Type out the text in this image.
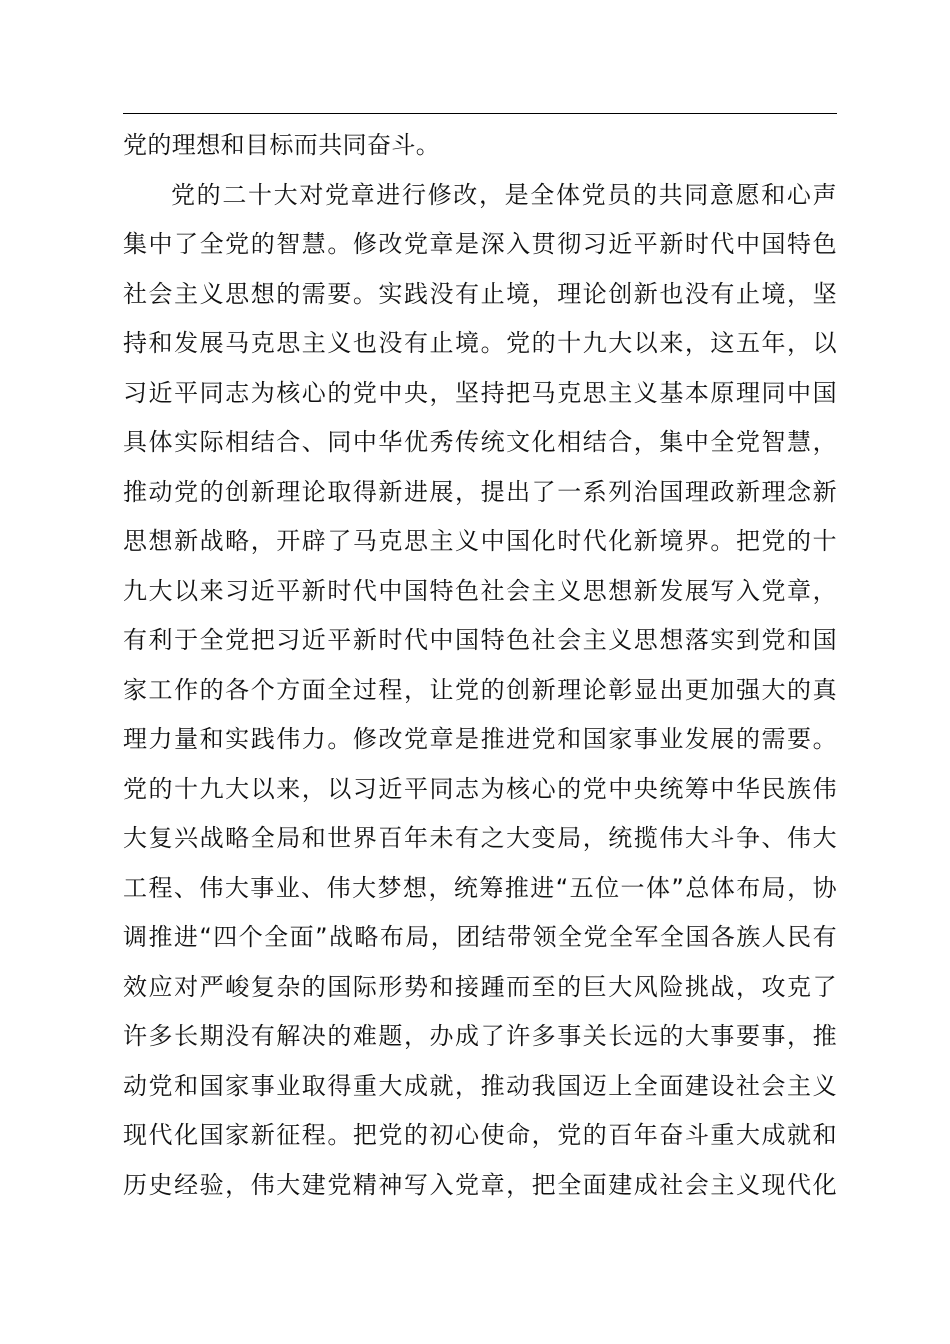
党的理想和目标而共同奋斗。
党的二十大对党章进行修改，是全体党员的共同意愿和心声
集中了全党的智慧。修改党章是深入贯彻习近平新时代中国特色
社会主义思想的需要。实践没有止境，理论创新也没有止境，坚
持和发展马克思主义也没有止境。党的十九大以来，这五年，以
习近平同志为核心的党中央，坚持把马克思主义基本原理同中国
具体实际相结合、同中华优秀传统文化相结合，集中全党智慧，
推动党的创新理论取得新进展，提出了一系列治国理政新理念新
思想新战略，开辟了马克思主义中国化时代化新境界。把党的十
九大以来习近平新时代中国特色社会主义思想新发展写入党章，
有利于全党把习近平新时代中国特色社会主义思想落实到党和国
家工作的各个方面全过程，让党的创新理论彰显出更加强大的真
理力量和实践伟力。修改党章是推进党和国家事业发展的需要。
党的十九大以来，以习近平同志为核心的党中央统筹中华民族伟
大复兴战略全局和世界百年未有之大变局，统揽伟大斗争、伟大
工程、伟大事业、伟大梦想，统筹推进“五位一体”总体布局，协
调推进“四个全面”战略布局，团结带领全党全军全国各族人民有
效应对严峻复杂的国际形势和接踵而至的巨大风险挑战，攻克了
许多长期没有解决的难题，办成了许多事关长远的大事要事，推
动党和国家事业取得重大成就，推动我国迈上全面建设社会主义
现代化国家新征程。把党的初心使命，党的百年奋斗重大成就和
历史经验，伟大建党精神写入党章，把全面建成社会主义现代化
